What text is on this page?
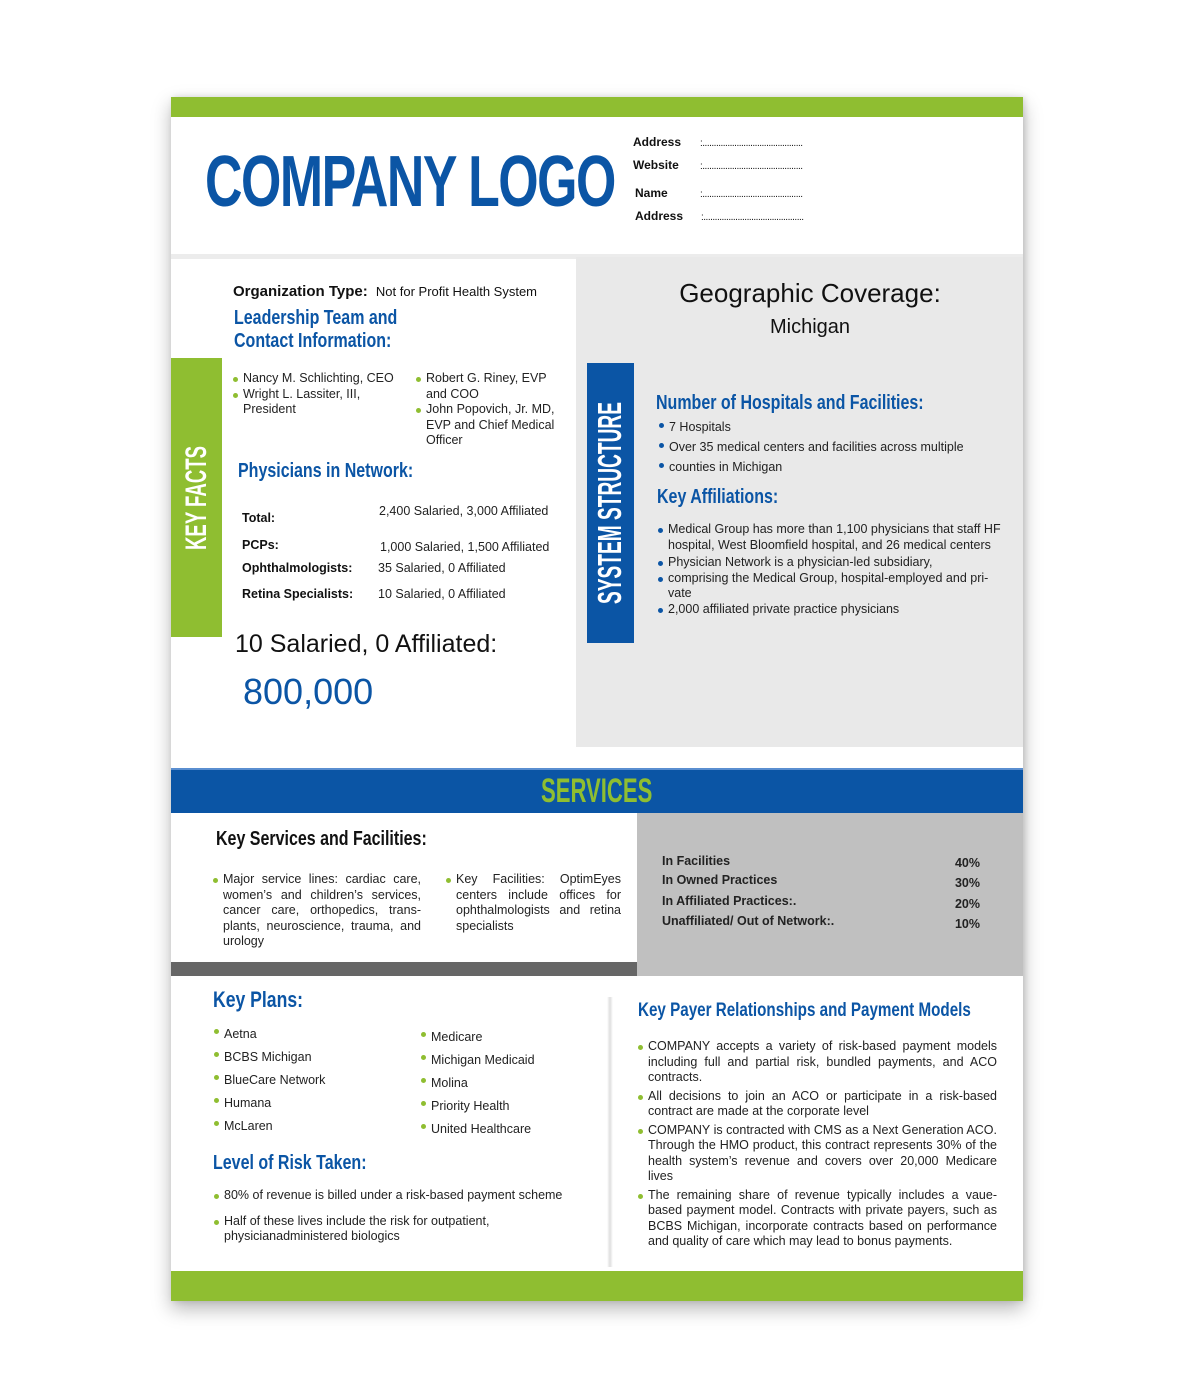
COMPANY LOGO Address	:............................................
Website	:............................................
Name	:............................................
Address	:............................................
KEY FACTS
Organization Type: Not for Profit Health System
Leadership Team and
Contact Information:
Nancy M. Schlichting, CEO
Wright L. Lassiter, III, President
Robert G. Riney, EVP and COO
John Popovich, Jr. MD, EVP and Chief Medical Officer
Physicians in Network:
Total:	2,400 Salaried, 3,000 Affiliated
PCPs:	1,000 Salaried, 1,500 Affiliated
Ophthalmologists: 35 Salaried, 0 Affiliated
Retina Specialists: 10 Salaried, 0 Affiliated
10 Salaried, 0 Affiliated:
800,000
SYSTEM STRUCTURE
Geographic Coverage:
Michigan
Number of Hospitals and Facilities:
7 Hospitals
Over 35 medical centers and facilities across multiple
counties in Michigan
Key Affiliations:
Medical Group has more than 1,100 physicians that staff HF hospital, West Bloomfield hospital, and 26 medical centers
Physician Network is a physician-led subsidiary,
comprising the Medical Group, hospital-employed and pri- vate
2,000 affiliated private practice physicians
SERVICES
Key Services and Facilities:
Major service lines: cardiac care, women’s and children’s services, cancer care, orthopedics, trans- plants, neuroscience, trauma, and urology
Key Facilities: OptimEyes centers include offices for ophthalmologists and retina specialists
In Facilities	40%
In Owned Practices	30%
In Affiliated Practices:.	20%
Unaffiliated/ Out of Network:.	10%
Key Plans:
Aetna
BCBS Michigan
BlueCare Network
Humana
McLaren
Medicare
Michigan Medicaid
Molina
Priority Health
United Healthcare
Level of Risk Taken:
80% of revenue is billed under a risk-based payment scheme
Half of these lives include the risk for outpatient, physicianadministered biologics
Key Payer Relationships and Payment Models
COMPANY accepts a variety of risk-based payment models including full and partial risk, bundled payments, and ACO contracts.
All decisions to join an ACO or participate in a risk-based contract are made at the corporate level
COMPANY is contracted with CMS as a Next Generation ACO. Through the HMO product, this contract represents 30% of the health system’s revenue and covers over 20,000 Medicare lives
The remaining share of revenue typically includes a vaue-based payment model. Contracts with private payers, such as BCBS Michigan, incorporate contracts based on performance and quality of care which may lead to bonus payments.
